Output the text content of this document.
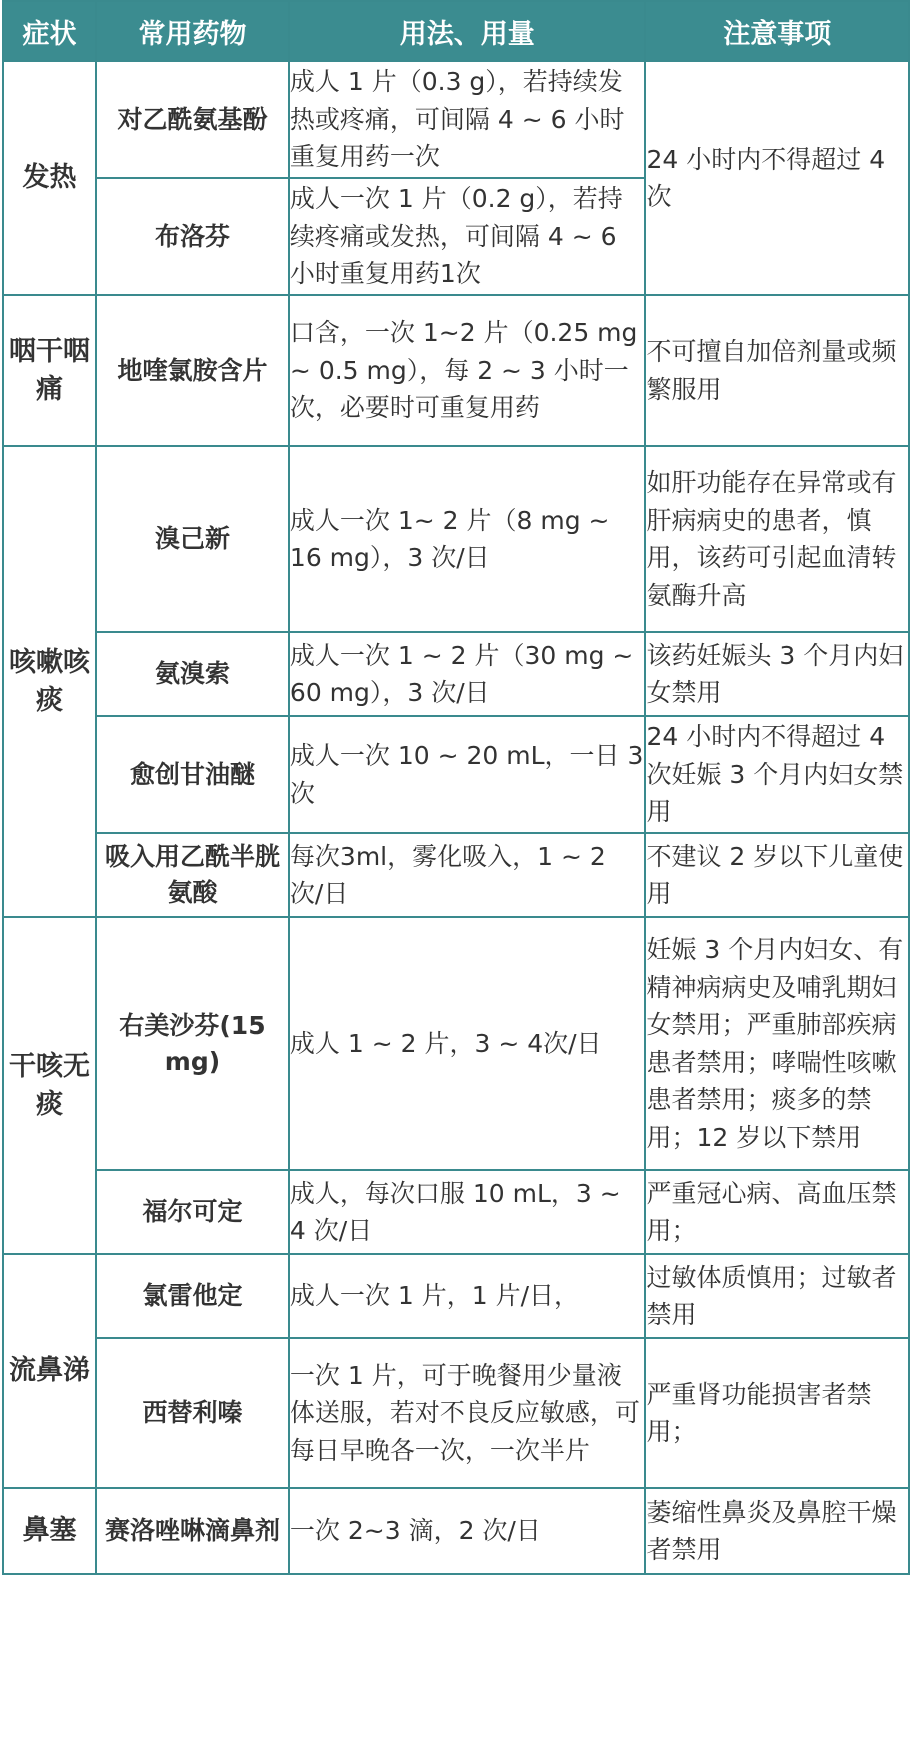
症状	常用药物	用法、用量	注意事项
发热	对乙酰氨基酚	成人 1 片（0.3 g），若持续发热或疼痛，可间隔 4 ~ 6 小时重复用药一次	24 小时内不得超过 4 次
	布洛芬	成人一次 1 片（0.2 g），若持续疼痛或发热，可间隔 4 ~ 6 小时重复用药1次	
咽干咽痛	地喹氯胺含片	口含，一次 1~2 片（0.25 mg ~ 0.5 mg），每 2 ~ 3 小时一次，必要时可重复用药	不可擅自加倍剂量或频繁服用
咳嗽咳痰	溴己新	成人一次 1~ 2 片（8 mg ~ 16 mg），3 次/日	如肝功能存在异常或有肝病病史的患者，慎用，该药可引起血清转氨酶升高
	氨溴索	成人一次 1 ~ 2 片（30 mg ~ 60 mg），3 次/日	该药妊娠头 3 个月内妇女禁用
	愈创甘油醚	成人一次 10 ~ 20 mL，一日 3 次	24 小时内不得超过 4 次妊娠 3 个月内妇女禁用
	吸入用乙酰半胱氨酸	每次3ml，雾化吸入，1 ~ 2 次/日	不建议 2 岁以下儿童使用
干咳无痰	右美沙芬(15 mg)	成人 1 ~ 2 片，3 ~ 4次/日	妊娠 3 个月内妇女、有精神病病史及哺乳期妇女禁用；严重肺部疾病患者禁用；哮喘性咳嗽患者禁用；痰多的禁用；12 岁以下禁用
	福尔可定	成人，每次口服 10 mL，3 ~ 4 次/日	严重冠心病、高血压禁用；
流鼻涕	氯雷他定	成人一次 1 片，1 片/日，	过敏体质慎用；过敏者禁用
	西替利嗪	一次 1 片，可于晚餐用少量液体送服，若对不良反应敏感，可每日早晚各一次，一次半片	严重肾功能损害者禁用；
鼻塞	赛洛唑啉滴鼻剂	一次 2~3 滴，2 次/日	萎缩性鼻炎及鼻腔干燥者禁用
